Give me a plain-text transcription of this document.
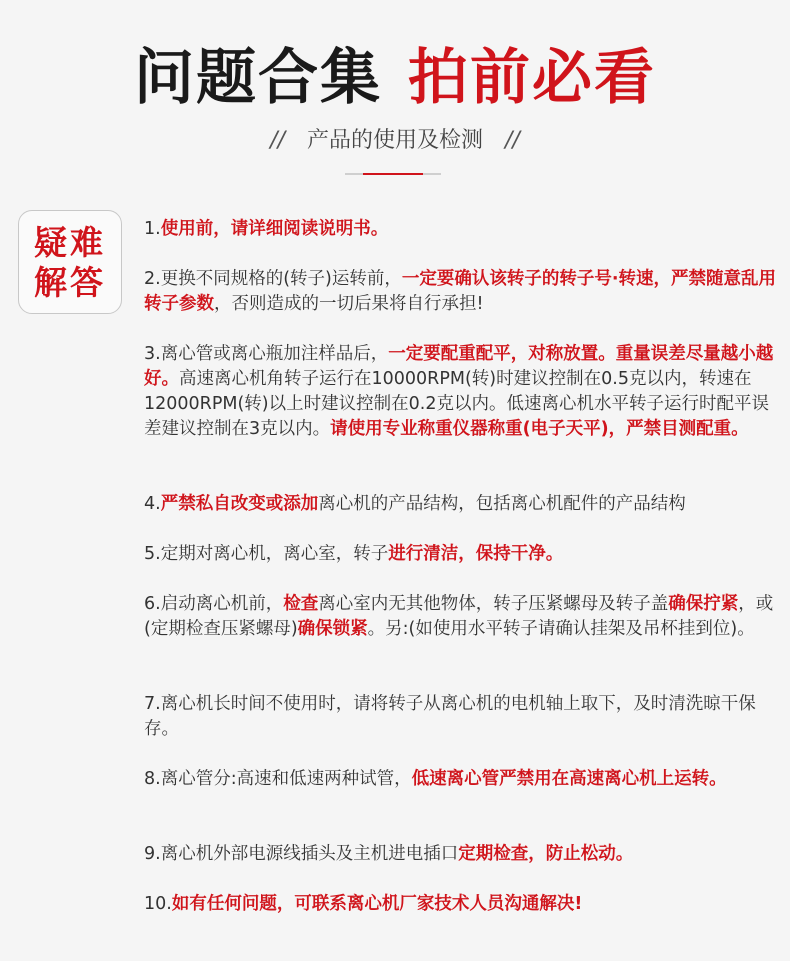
问题合集 拍前必看
// 产品的使用及检测 //
疑难
解答
1.使用前，请详细阅读说明书。
2.更换不同规格的(转子)运转前，一定要确认该转子的转子号·转速，严禁随意乱用转子参数，否则造成的一切后果将自行承担!
3.离心管或离心瓶加注样品后，一定要配重配平，对称放置。重量误差尽量越小越好。高速离心机角转子运行在10000RPM(转)时建议控制在0.5克以内，转速在12000RPM(转)以上时建议控制在0.2克以内。低速离心机水平转子运行时配平误差建议控制在3克以内。请使用专业称重仪器称重(电子天平)，严禁目测配重。
4.严禁私自改变或添加离心机的产品结构，包括离心机配件的产品结构
5.定期对离心机，离心室，转子进行清洁，保持干净。
6.启动离心机前，检查离心室内无其他物体，转子压紧螺母及转子盖确保拧紧，或(定期检查压紧螺母)确保锁紧。另:(如使用水平转子请确认挂架及吊杯挂到位)。
7.离心机长时间不使用时，请将转子从离心机的电机轴上取下，及时清洗晾干保存。
8.离心管分:高速和低速两种试管，低速离心管严禁用在高速离心机上运转。
9.离心机外部电源线插头及主机进电插口定期检查，防止松动。
10.如有任何问题，可联系离心机厂家技术人员沟通解决!
